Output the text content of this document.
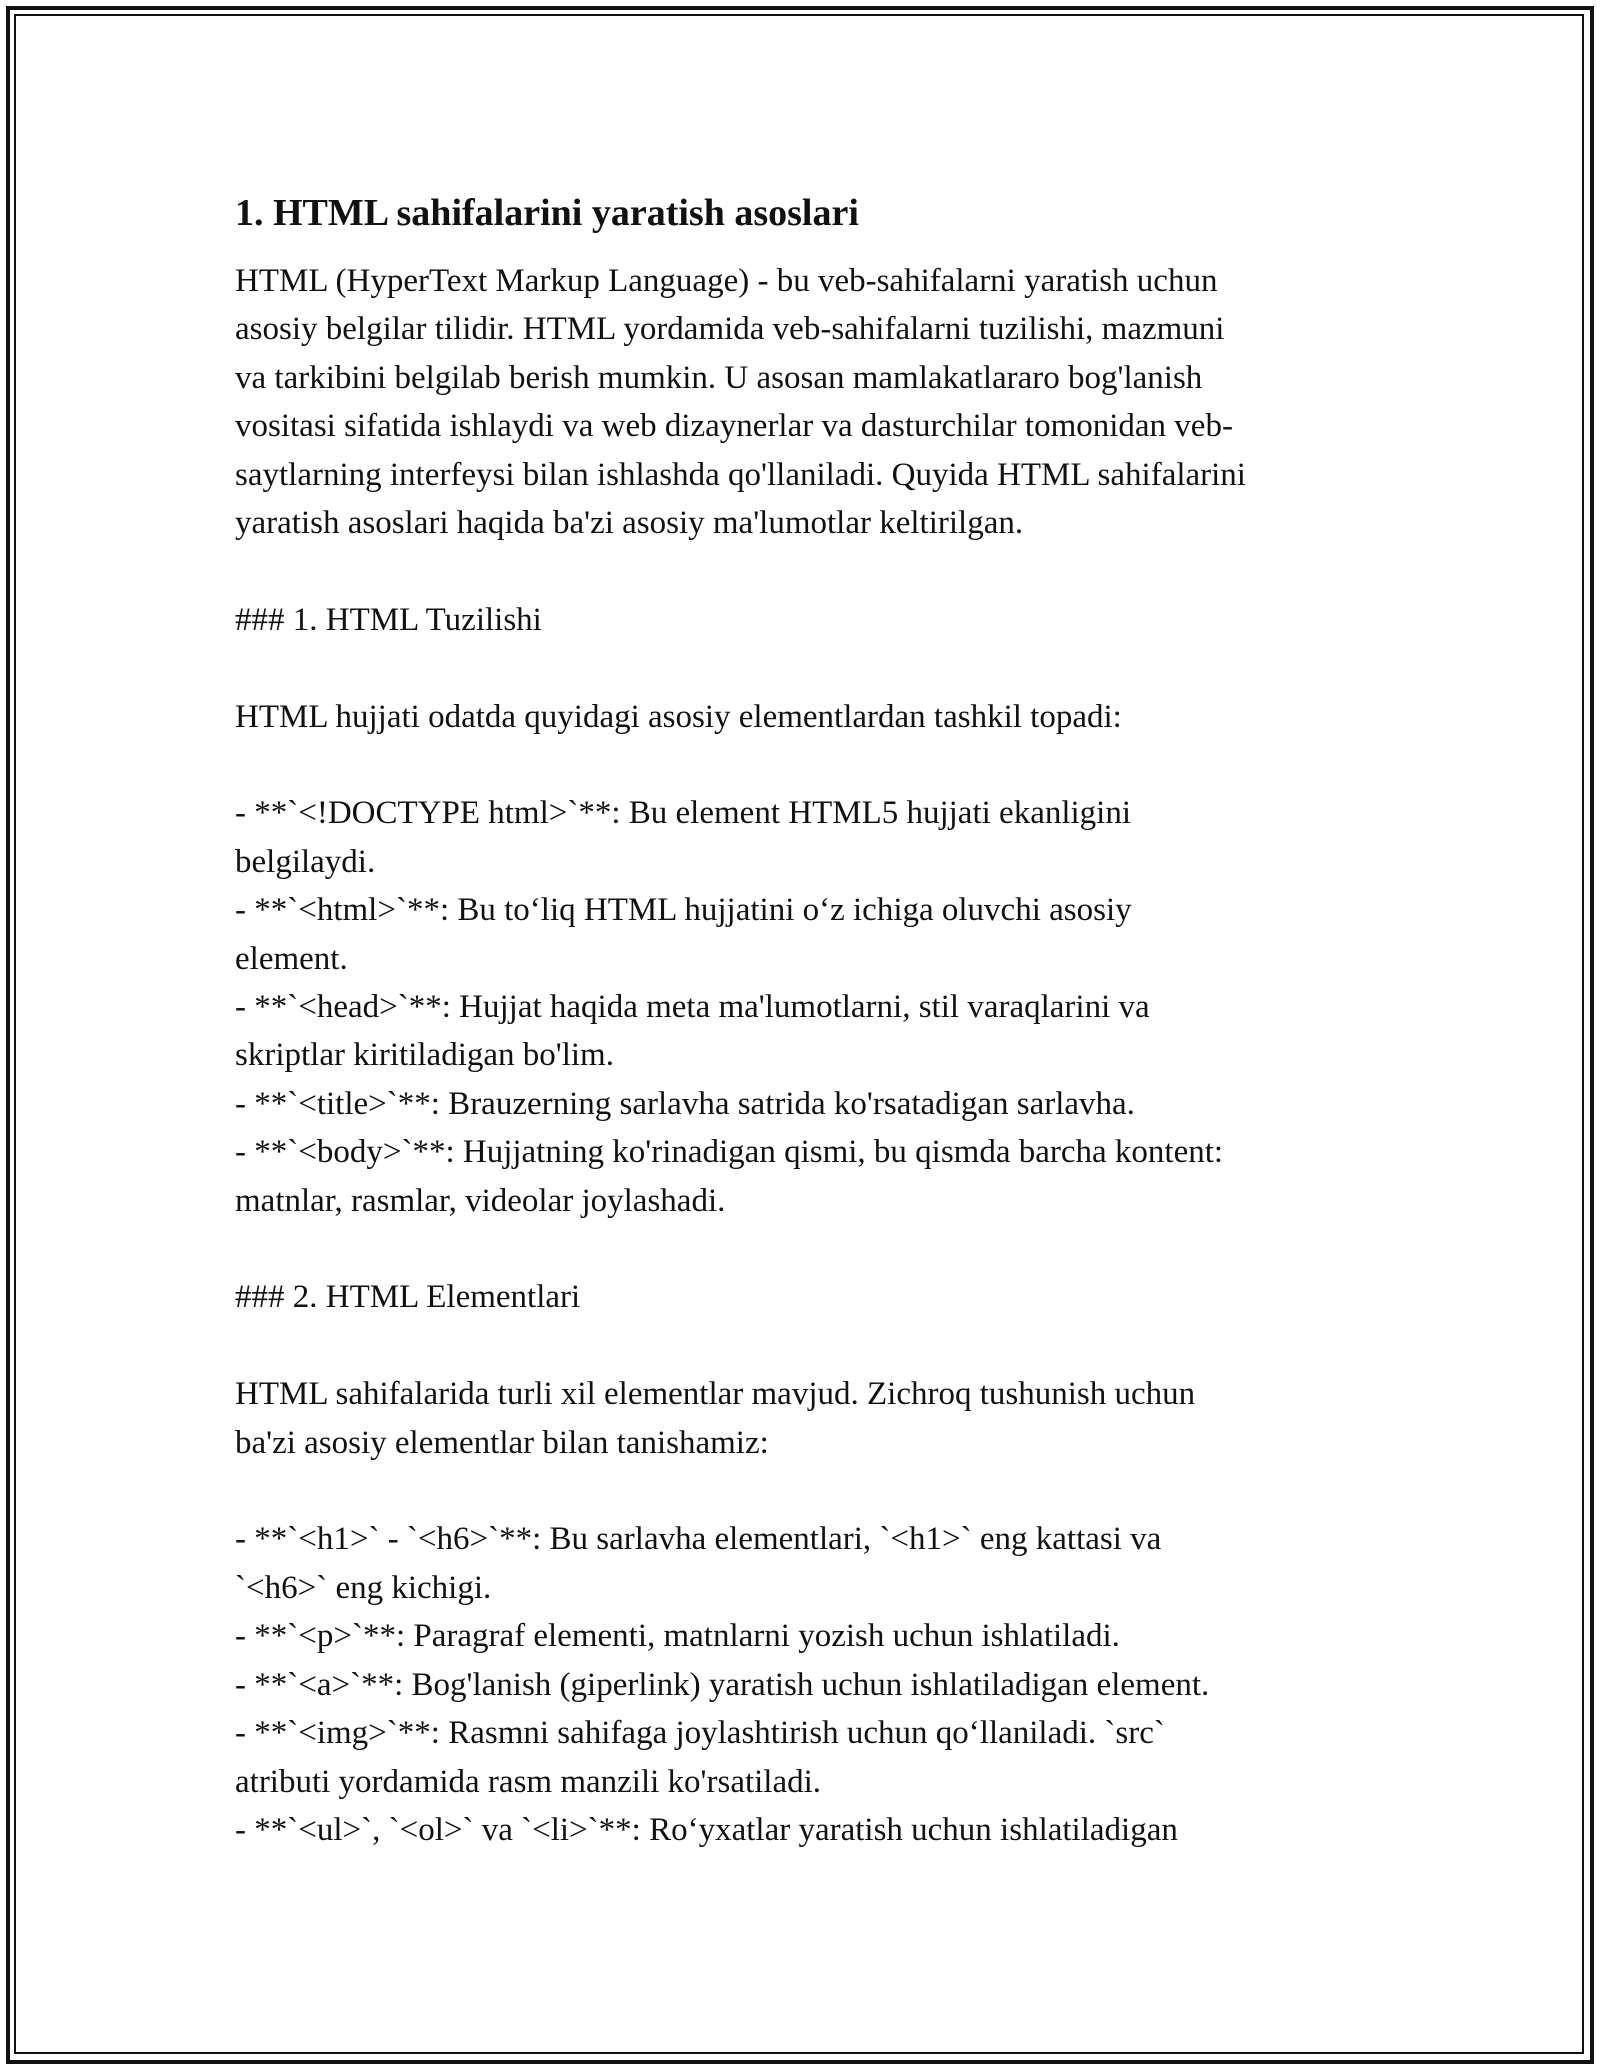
1. HTML sahifalarini yaratish asoslari

HTML (HyperText Markup Language) - bu veb-sahifalarni yaratish uchun
asosiy belgilar tilidir. HTML yordamida veb-sahifalarni tuzilishi, mazmuni
va tarkibini belgilab berish mumkin. U asosan mamlakatlararo bog'lanish
vositasi sifatida ishlaydi va web dizaynerlar va dasturchilar tomonidan veb-
saytlarning interfeysi bilan ishlashda qo'llaniladi. Quyida HTML sahifalarini
yaratish asoslari haqida ba'zi asosiy ma'lumotlar keltirilgan.

### 1. HTML Tuzilishi

HTML hujjati odatda quyidagi asosiy elementlardan tashkil topadi:

- **`<!DOCTYPE html>`**: Bu element HTML5 hujjati ekanligini
belgilaydi.
- **`<html>`**: Bu to‘liq HTML hujjatini o‘z ichiga oluvchi asosiy
element.
- **`<head>`**: Hujjat haqida meta ma'lumotlarni, stil varaqlarini va
skriptlar kiritiladigan bo'lim.
- **`<title>`**: Brauzerning sarlavha satrida ko'rsatadigan sarlavha.
- **`<body>`**: Hujjatning ko'rinadigan qismi, bu qismda barcha kontent:
matnlar, rasmlar, videolar joylashadi.

### 2. HTML Elementlari

HTML sahifalarida turli xil elementlar mavjud. Zichroq tushunish uchun
ba'zi asosiy elementlar bilan tanishamiz:

- **`<h1>` - `<h6>`**: Bu sarlavha elementlari, `<h1>` eng kattasi va
`<h6>` eng kichigi.
- **`<p>`**: Paragraf elementi, matnlarni yozish uchun ishlatiladi.
- **`<a>`**: Bog'lanish (giperlink) yaratish uchun ishlatiladigan element.
- **`<img>`**: Rasmni sahifaga joylashtirish uchun qo‘llaniladi. `src`
atributi yordamida rasm manzili ko'rsatiladi.
- **`<ul>`, `<ol>` va `<li>`**: Ro‘yxatlar yaratish uchun ishlatiladigan
